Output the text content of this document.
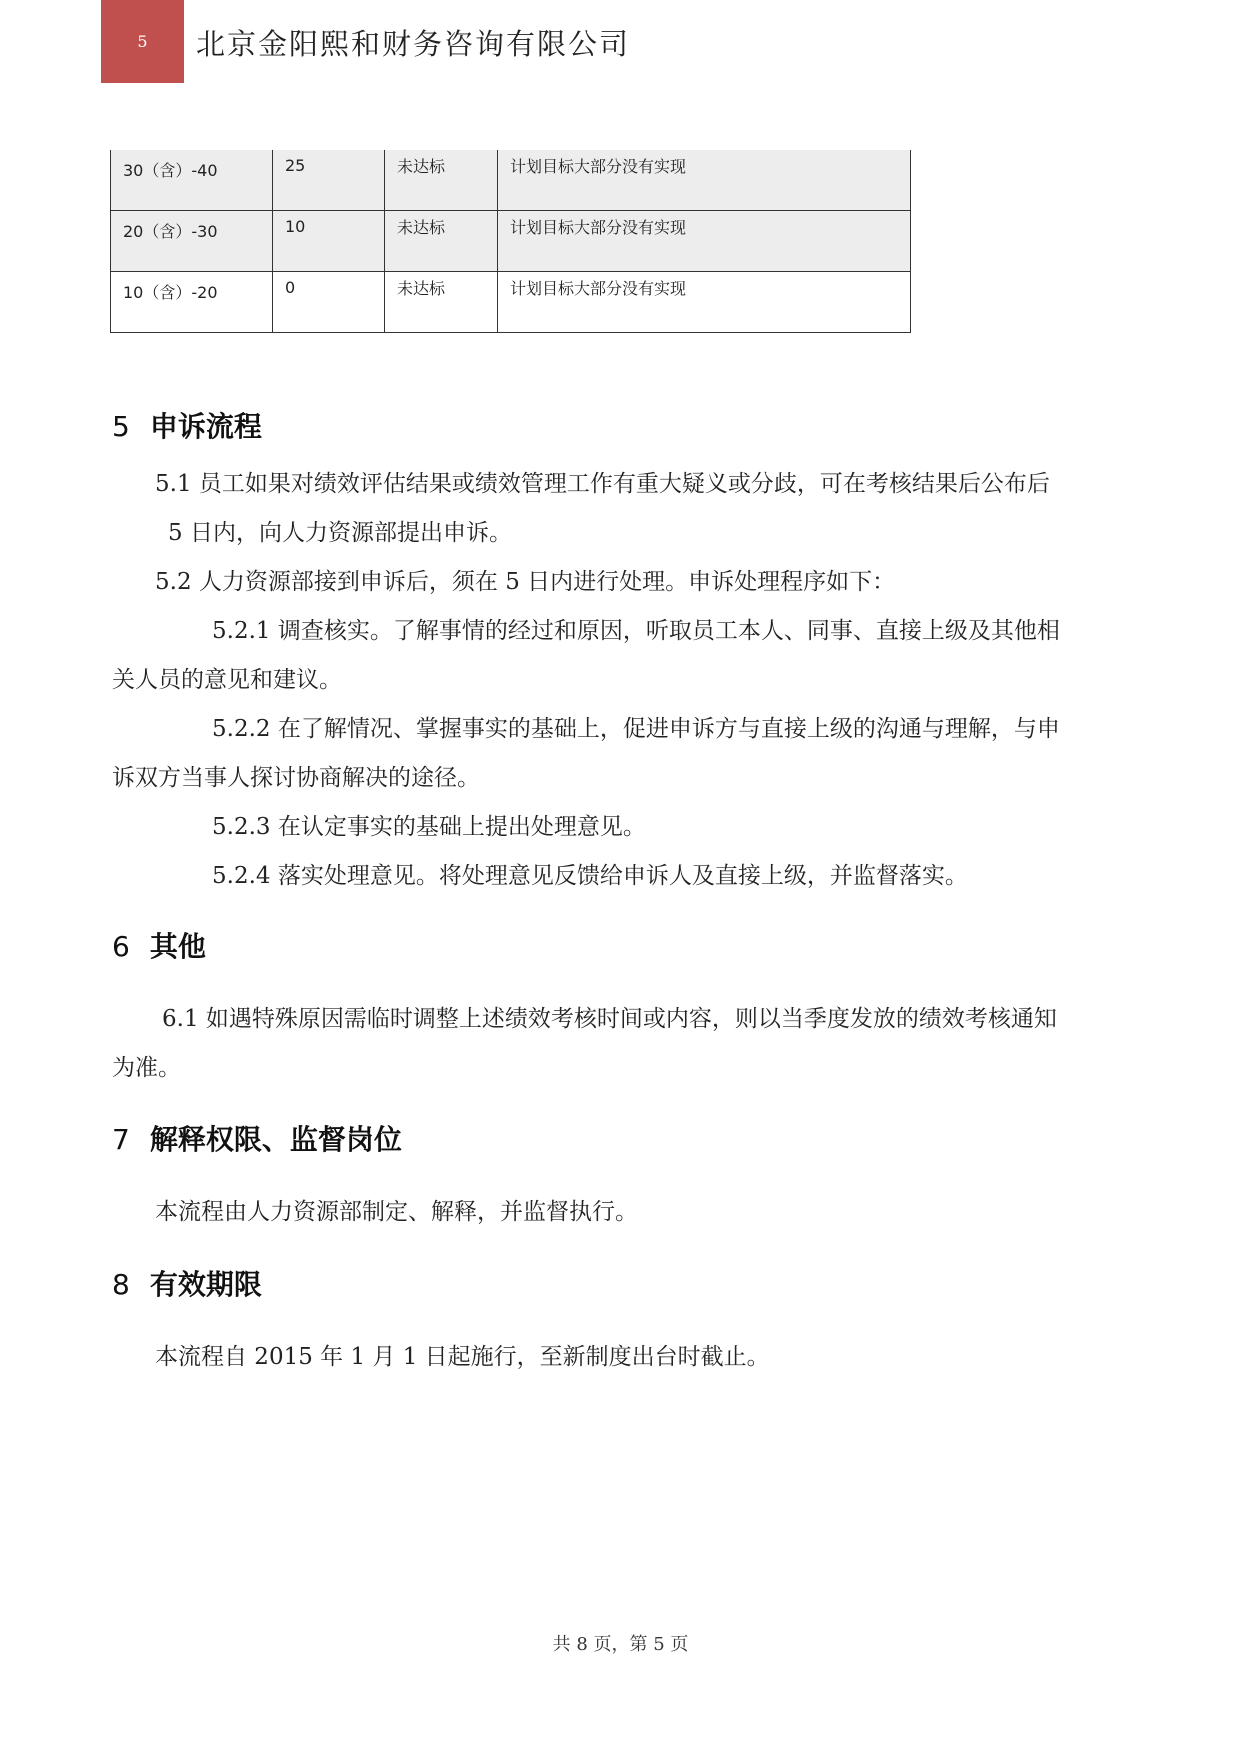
5 北京金阳熙和财务咨询有限公司
30（含）-40	25	未达标	计划目标大部分没有实现
20（含）-30	10	未达标	计划目标大部分没有实现
10（含）-20	0	未达标	计划目标大部分没有实现
5 申诉流程
5.1 员工如果对绩效评估结果或绩效管理工作有重大疑义或分歧，可在考核结果后公布后
5 日内，向人力资源部提出申诉。
5.2 人力资源部接到申诉后，须在 5 日内进行处理。申诉处理程序如下：
5.2.1 调查核实。了解事情的经过和原因，听取员工本人、同事、直接上级及其他相
关人员的意见和建议。
5.2.2 在了解情况、掌握事实的基础上，促进申诉方与直接上级的沟通与理解，与申
诉双方当事人探讨协商解决的途径。
5.2.3 在认定事实的基础上提出处理意见。
5.2.4 落实处理意见。将处理意见反馈给申诉人及直接上级，并监督落实。
6 其他
6.1 如遇特殊原因需临时调整上述绩效考核时间或内容，则以当季度发放的绩效考核通知
为准。
7 解释权限、监督岗位
本流程由人力资源部制定、解释，并监督执行。
8 有效期限
本流程自 2015 年 1 月 1 日起施行，至新制度出台时截止。
共 8 页，第 5 页
